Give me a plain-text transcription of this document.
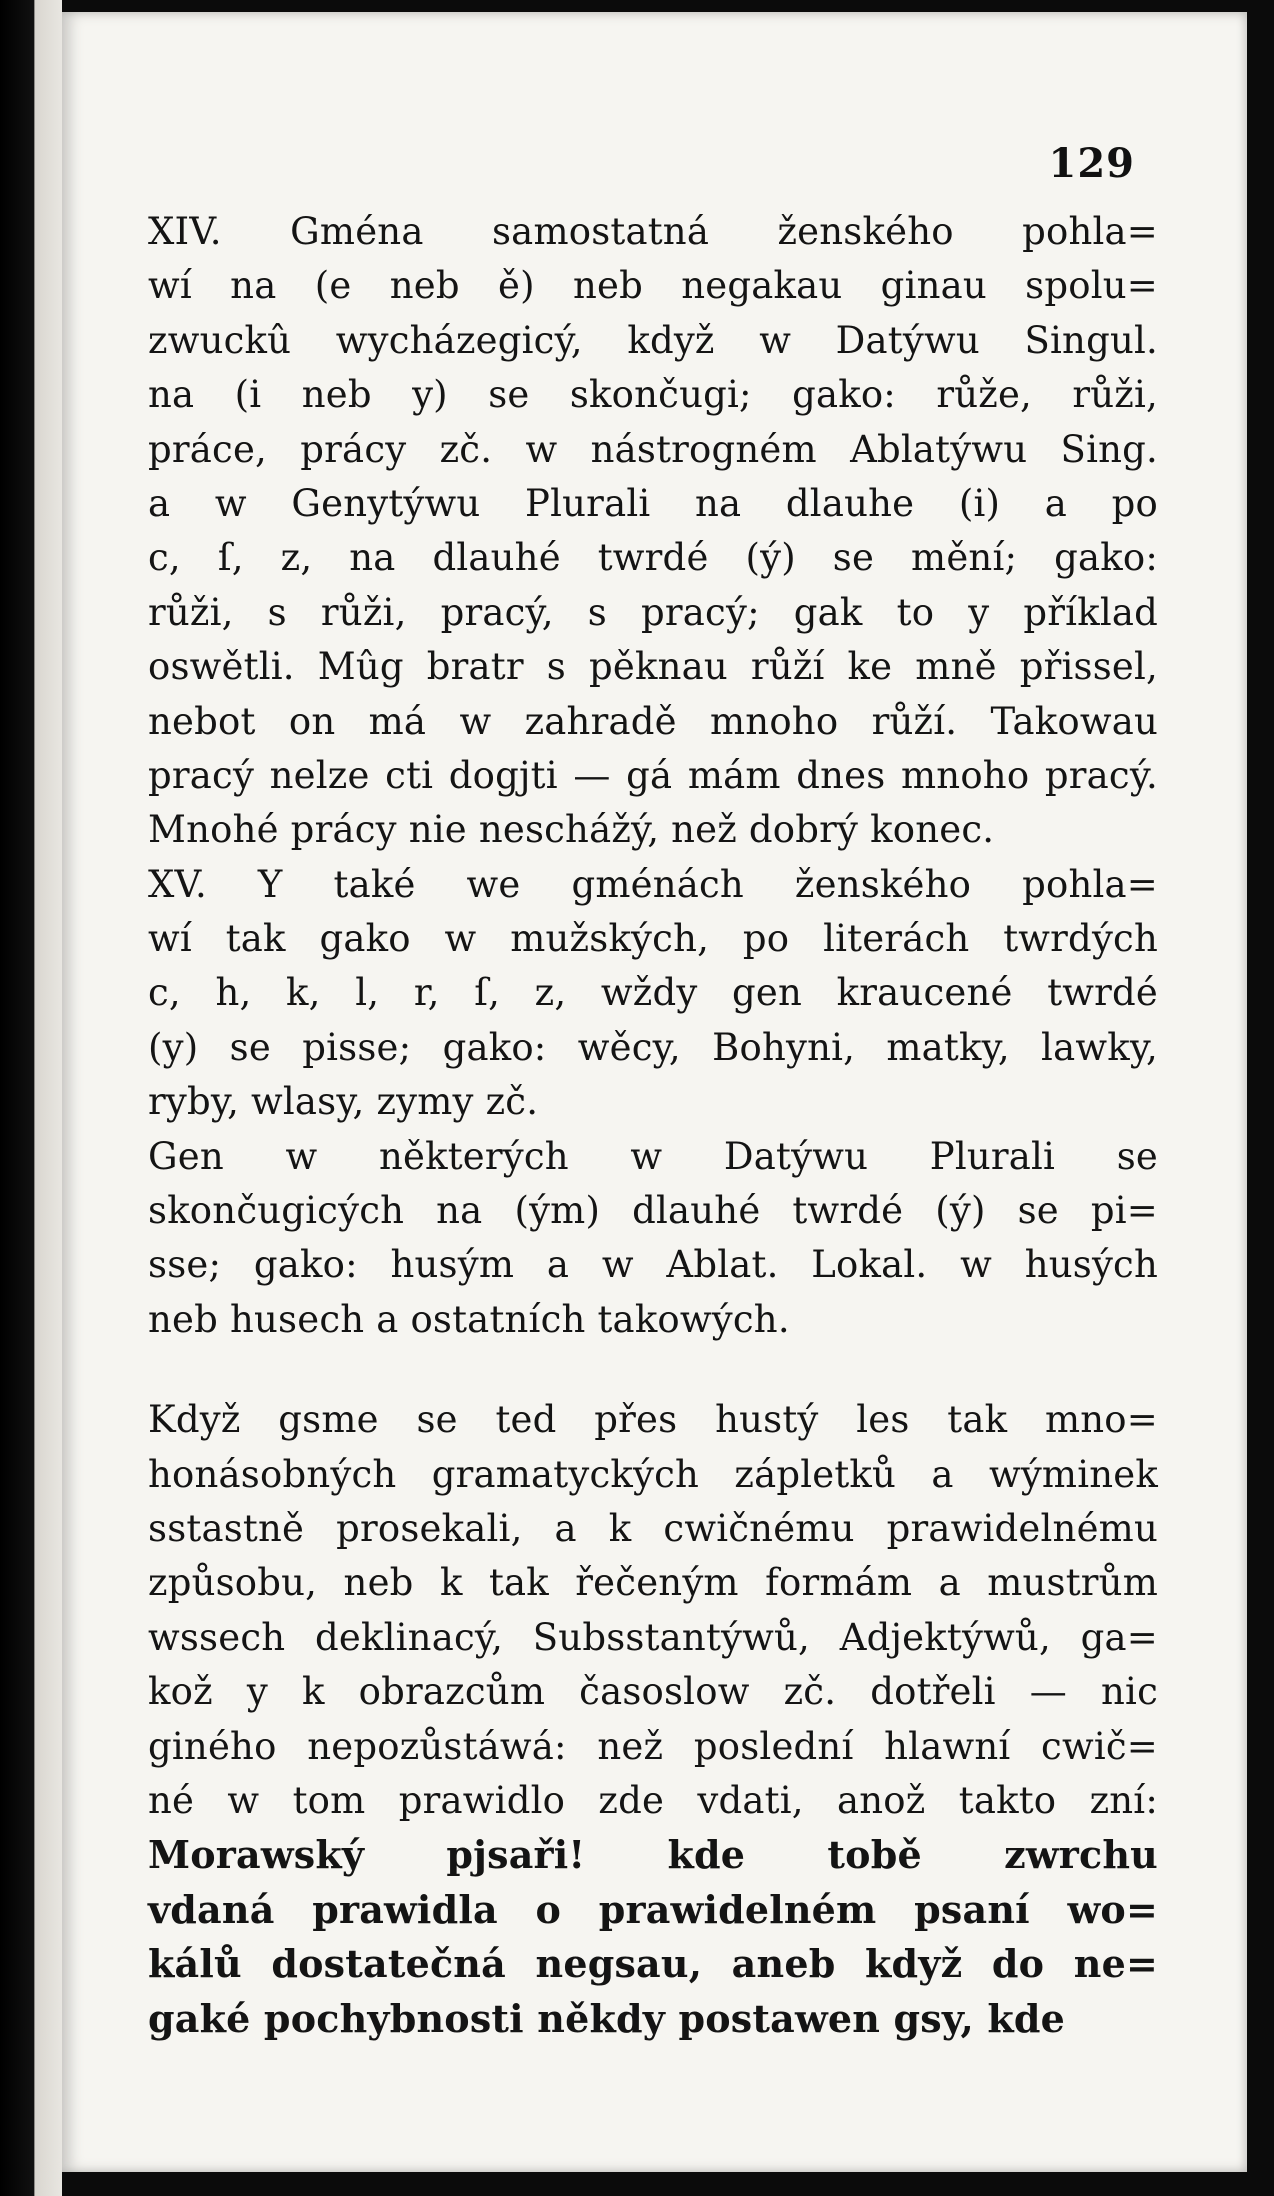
129
XIV. Gména samostatná ženského pohla=
wí na (e neb ě) neb negakau ginau spolu=
zwuckû wycházegicý, když w Datýwu Singul.
na (i neb y) se skončugi; gako: růže, růži,
práce, prácy zč. w nástrogném Ablatýwu Sing.
a w Genytýwu Plurali na dlauhe (i) a po
c, ſ, z, na dlauhé twrdé (ý) se mění; gako:
růži, s růži, pracý, s pracý; gak to y příklad
oswětli. Mûg bratr s pěknau růží ke mně přissel,
nebot on má w zahradě mnoho růží. Takowau
pracý nelze cti dogjti — gá mám dnes mnoho pracý.
Mnohé prácy nie neschážý, než dobrý konec.
XV. Y také we gménách ženského pohla=
wí tak gako w mužských, po literách twrdých
c, h, k, l, r, ſ, z, wždy gen kraucené twrdé
(y) se pisse; gako: wěcy, Bohyni, matky, lawky,
ryby, wlasy, zymy zč.
Gen w některých w Datýwu Plurali se
skončugicých na (ým) dlauhé twrdé (ý) se pi=
sse; gako: husým a w Ablat. Lokal. w husých
neb husech a ostatních takowých.
Když gsme se ted přes hustý les tak mno=
honásobných gramatyckých zápletků a wýminek
sstastně prosekali, a k cwičnému prawidelnému
způsobu, neb k tak řečeným formám a mustrům
wssech deklinacý, Subsstantýwů, Adjektýwů, ga=
kož y k obrazcům časoslow zč. dotřeli — nic
giného nepozůstáwá: než poslední hlawní cwič=
né w tom prawidlo zde vdati, anož takto zní:
Morawský pjsaři! kde tobě zwrchu
vdaná prawidla o prawidelném psaní wo=
kálů dostatečná negsau, aneb když do ne=
gaké pochybnosti někdy postawen gsy, kde
